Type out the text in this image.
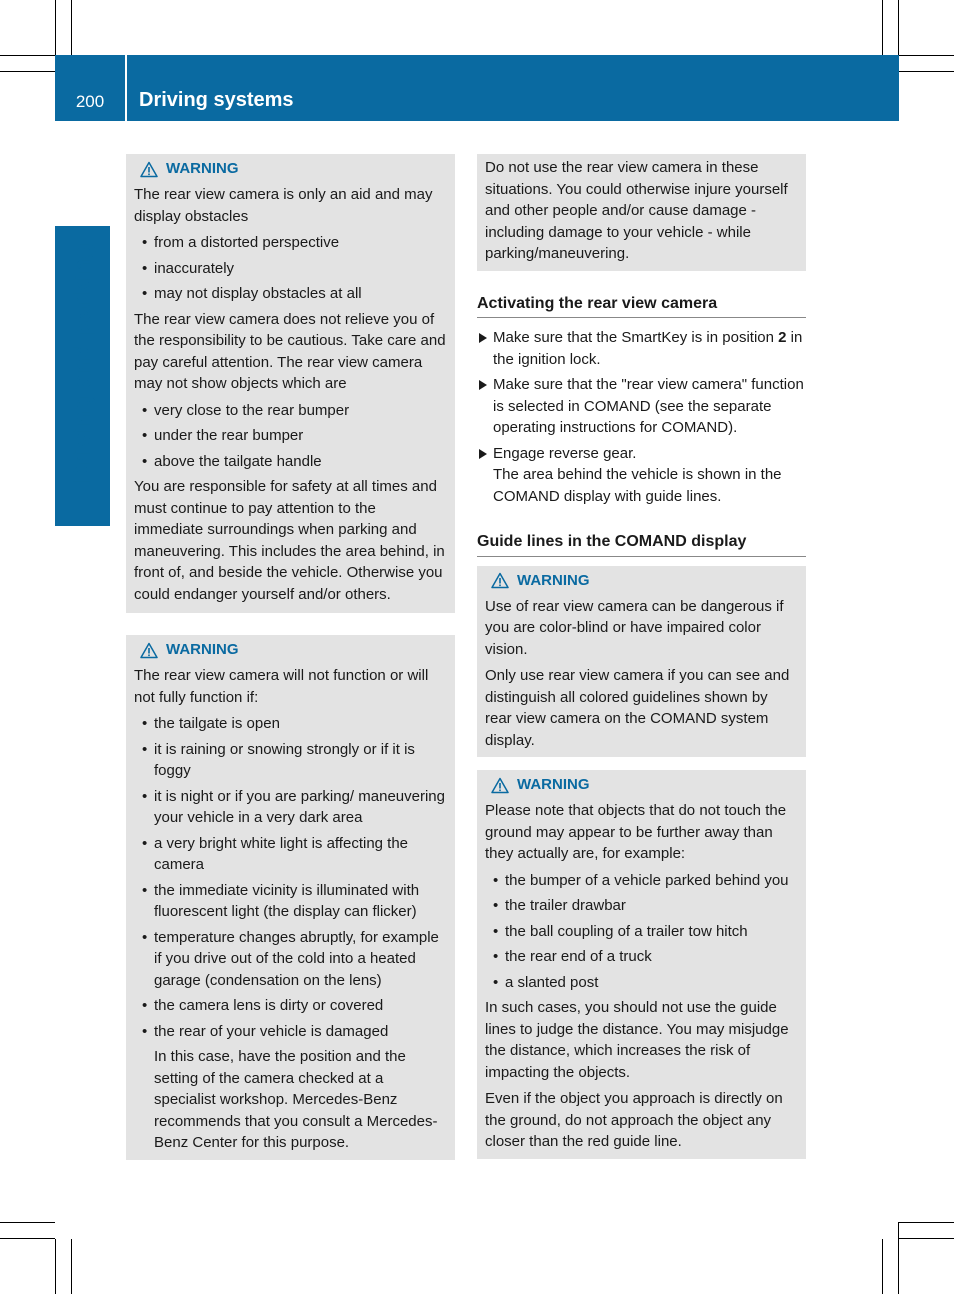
200	Driving systems
Driving and parking
WARNING
The rear view camera is only an aid and may display obstacles
• from a distorted perspective
• inaccurately
• may not display obstacles at all
The rear view camera does not relieve you of the responsibility to be cautious. Take care and pay careful attention. The rear view camera may not show objects which are
• very close to the rear bumper
• under the rear bumper
• above the tailgate handle
You are responsible for safety at all times and must continue to pay attention to the immediate surroundings when parking and maneuvering. This includes the area behind, in front of, and beside the vehicle. Otherwise you could endanger yourself and/or others.
WARNING
The rear view camera will not function or will not fully function if:
• the tailgate is open
• it is raining or snowing strongly or if it is foggy
• it is night or if you are parking/ maneuvering your vehicle in a very dark area
• a very bright white light is affecting the camera
• the immediate vicinity is illuminated with fluorescent light (the display can flicker)
• temperature changes abruptly, for example if you drive out of the cold into a heated garage (condensation on the lens)
• the camera lens is dirty or covered
• the rear of your vehicle is damaged
In this case, have the position and the setting of the camera checked at a specialist workshop. Mercedes-Benz recommends that you consult a Mercedes-Benz Center for this purpose.
Do not use the rear view camera in these situations. You could otherwise injure yourself and other people and/or cause damage - including damage to your vehicle - while parking/maneuvering.
Activating the rear view camera
Make sure that the SmartKey is in position 2 in the ignition lock.
Make sure that the "rear view camera" function is selected in COMAND (see the separate operating instructions for COMAND).
Engage reverse gear.
The area behind the vehicle is shown in the COMAND display with guide lines.
Guide lines in the COMAND display
WARNING
Use of rear view camera can be dangerous if you are color-blind or have impaired color vision.
Only use rear view camera if you can see and distinguish all colored guidelines shown by rear view camera on the COMAND system display.
WARNING
Please note that objects that do not touch the ground may appear to be further away than they actually are, for example:
• the bumper of a vehicle parked behind you
• the trailer drawbar
• the ball coupling of a trailer tow hitch
• the rear end of a truck
• a slanted post
In such cases, you should not use the guide lines to judge the distance. You may misjudge the distance, which increases the risk of impacting the objects.
Even if the object you approach is directly on the ground, do not approach the object any closer than the red guide line.
